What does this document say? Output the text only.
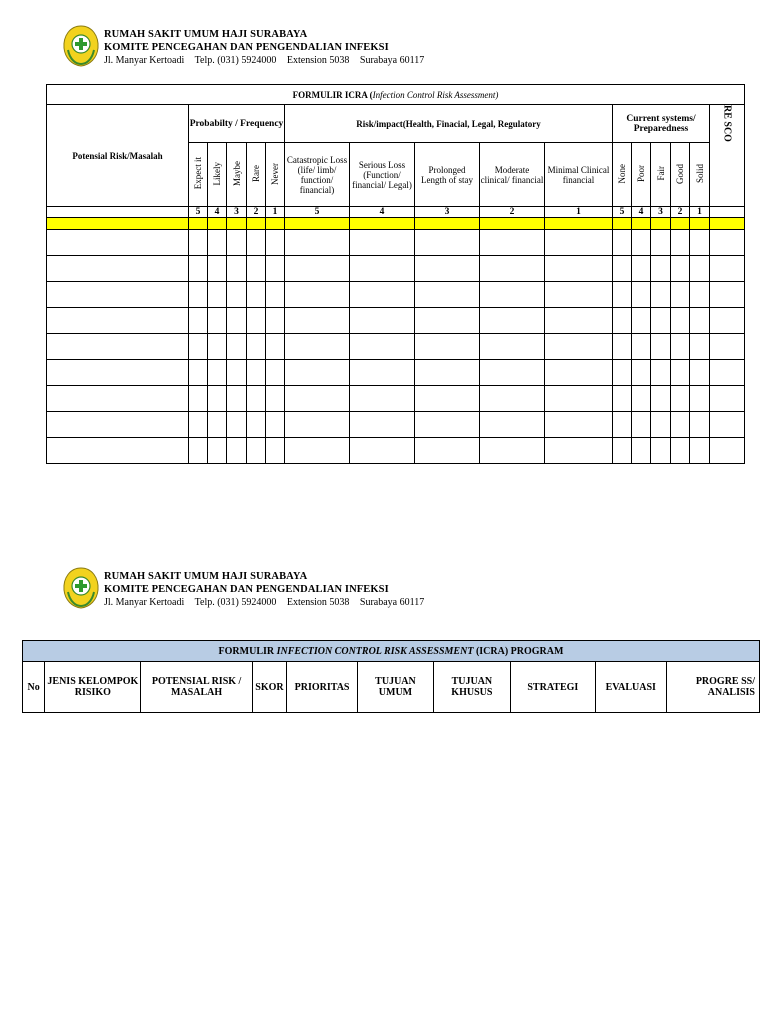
RUMAH SAKIT UMUM HAJI SURABAYA
KOMITE PENCEGAHAN DAN PENGENDALIAN INFEKSI
Jl. Manyar Kertoadi Telp. (031) 5924000 Extension 5038 Surabaya 60117
FORMULIR ICRA (Infection Control Risk Assessment)																
Potensial Risk/Masalah	Probabilty / Frequency					Risk/impact(Health, Finacial, Legal, Regulatory					Current systems/ Preparedness					RE SCO
	Expect it	Likely	Maybe	Rare	Never	Catastropic Loss (life/ limb/ function/ financial)	Serious Loss (Function/ financial/ Legal)	Prolonged Length of stay	Moderate clinical/ financial	Minimal Clinical financial	None	Poor	Fair	Good	Solid	
	5	4	3	2	1	5	4	3	2	1	5	4	3	2	1	

RUMAH SAKIT UMUM HAJI SURABAYA
KOMITE PENCEGAHAN DAN PENGENDALIAN INFEKSI
Jl. Manyar Kertoadi Telp. (031) 5924000 Extension 5038 Surabaya 60117
FORMULIR INFECTION CONTROL RISK ASSESSMENT (ICRA) PROGRAM
No	JENIS KELOMPOK RISIKO	POTENSIAL RISK / MASALAH	SKOR	PRIORITAS	TUJUAN UMUM	TUJUAN KHUSUS	STRATEGI	EVALUASI	PROGRE SS/ ANALISIS
